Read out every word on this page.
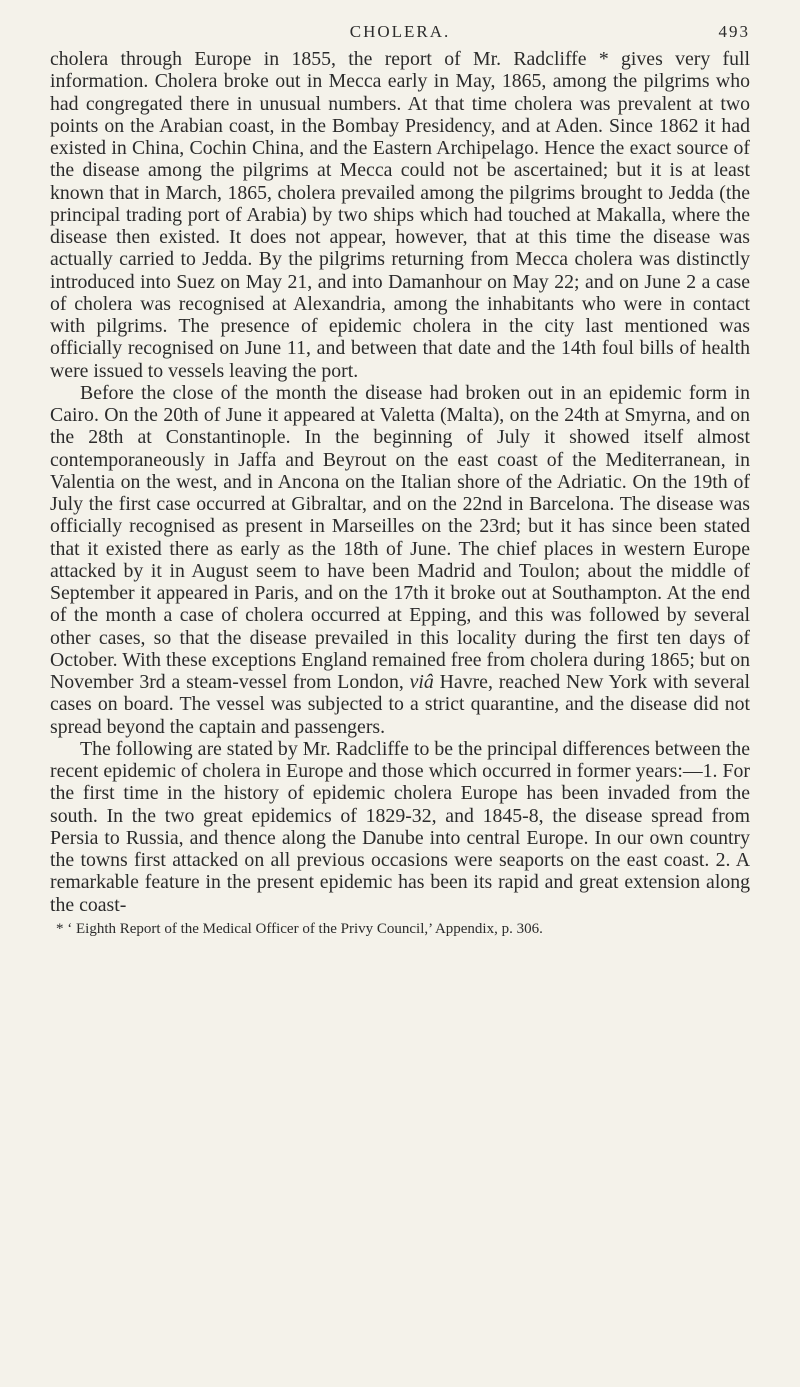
CHOLERA.	493

cholera through Europe in 1855, the report of Mr. Radcliffe * gives very full information. Cholera broke out in Mecca early in May, 1865, among the pilgrims who had congregated there in unusual numbers. At that time cholera was prevalent at two points on the Arabian coast, in the Bombay Presidency, and at Aden. Since 1862 it had existed in China, Cochin China, and the Eastern Archipelago. Hence the exact source of the disease among the pilgrims at Mecca could not be ascertained; but it is at least known that in March, 1865, cholera prevailed among the pilgrims brought to Jedda (the principal trading port of Arabia) by two ships which had touched at Makalla, where the disease then existed. It does not appear, however, that at this time the disease was actually carried to Jedda. By the pilgrims returning from Mecca cholera was distinctly introduced into Suez on May 21, and into Damanhour on May 22; and on June 2 a case of cholera was recognised at Alexandria, among the inhabitants who were in contact with pilgrims. The presence of epidemic cholera in the city last mentioned was officially recognised on June 11, and between that date and the 14th foul bills of health were issued to vessels leaving the port.

Before the close of the month the disease had broken out in an epidemic form in Cairo. On the 20th of June it appeared at Valetta (Malta), on the 24th at Smyrna, and on the 28th at Constantinople. In the beginning of July it showed itself almost contemporaneously in Jaffa and Beyrout on the east coast of the Mediterranean, in Valentia on the west, and in Ancona on the Italian shore of the Adriatic. On the 19th of July the first case occurred at Gibraltar, and on the 22nd in Barcelona. The disease was officially recognised as present in Marseilles on the 23rd; but it has since been stated that it existed there as early as the 18th of June. The chief places in western Europe attacked by it in August seem to have been Madrid and Toulon; about the middle of September it appeared in Paris, and on the 17th it broke out at Southampton. At the end of the month a case of cholera occurred at Epping, and this was followed by several other cases, so that the disease prevailed in this locality during the first ten days of October. With these exceptions England remained free from cholera during 1865; but on November 3rd a steam-vessel from London, viâ Havre, reached New York with several cases on board. The vessel was subjected to a strict quarantine, and the disease did not spread beyond the captain and passengers.

The following are stated by Mr. Radcliffe to be the principal differences between the recent epidemic of cholera in Europe and those which occurred in former years:—1. For the first time in the history of epidemic cholera Europe has been invaded from the south. In the two great epidemics of 1829-32, and 1845-8, the disease spread from Persia to Russia, and thence along the Danube into central Europe. In our own country the towns first attacked on all previous occasions were seaports on the east coast. 2. A remarkable feature in the present epidemic has been its rapid and great extension along the coast-

* ‘ Eighth Report of the Medical Officer of the Privy Council,’ Appendix, p. 306.
